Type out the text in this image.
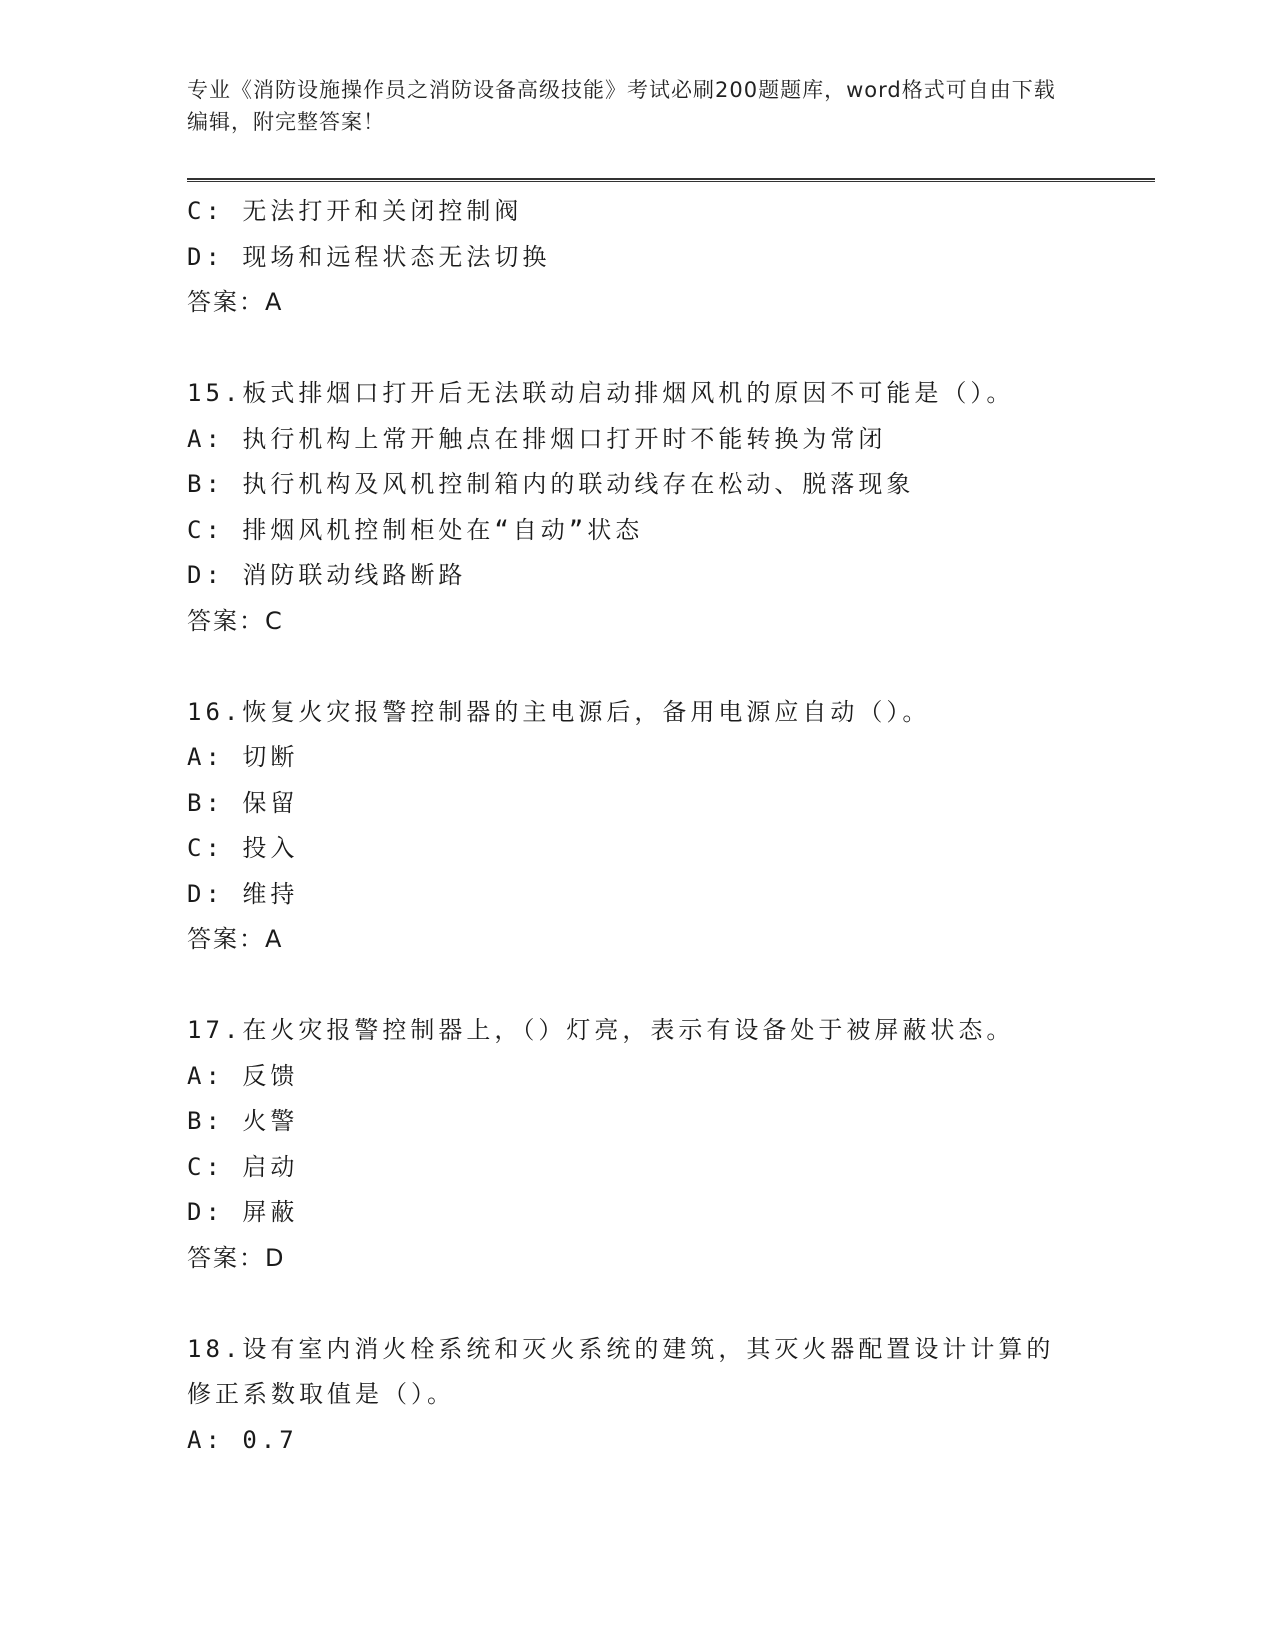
专业《消防设施操作员之消防设备高级技能》考试必刷200题题库，word格式可自由下载编辑，附完整答案！
C: 无法打开和关闭控制阀
D: 现场和远程状态无法切换
答案：A
15.板式排烟口打开后无法联动启动排烟风机的原因不可能是（）。
A: 执行机构上常开触点在排烟口打开时不能转换为常闭
B: 执行机构及风机控制箱内的联动线存在松动、脱落现象
C: 排烟风机控制柜处在“自动”状态
D: 消防联动线路断路
答案：C
16.恢复火灾报警控制器的主电源后，备用电源应自动（）。
A: 切断
B: 保留
C: 投入
D: 维持
答案：A
17.在火灾报警控制器上，（）灯亮，表示有设备处于被屏蔽状态。
A: 反馈
B: 火警
C: 启动
D: 屏蔽
答案：D
18.设有室内消火栓系统和灭火系统的建筑，其灭火器配置设计计算的
修正系数取值是（）。
A: 0.7
